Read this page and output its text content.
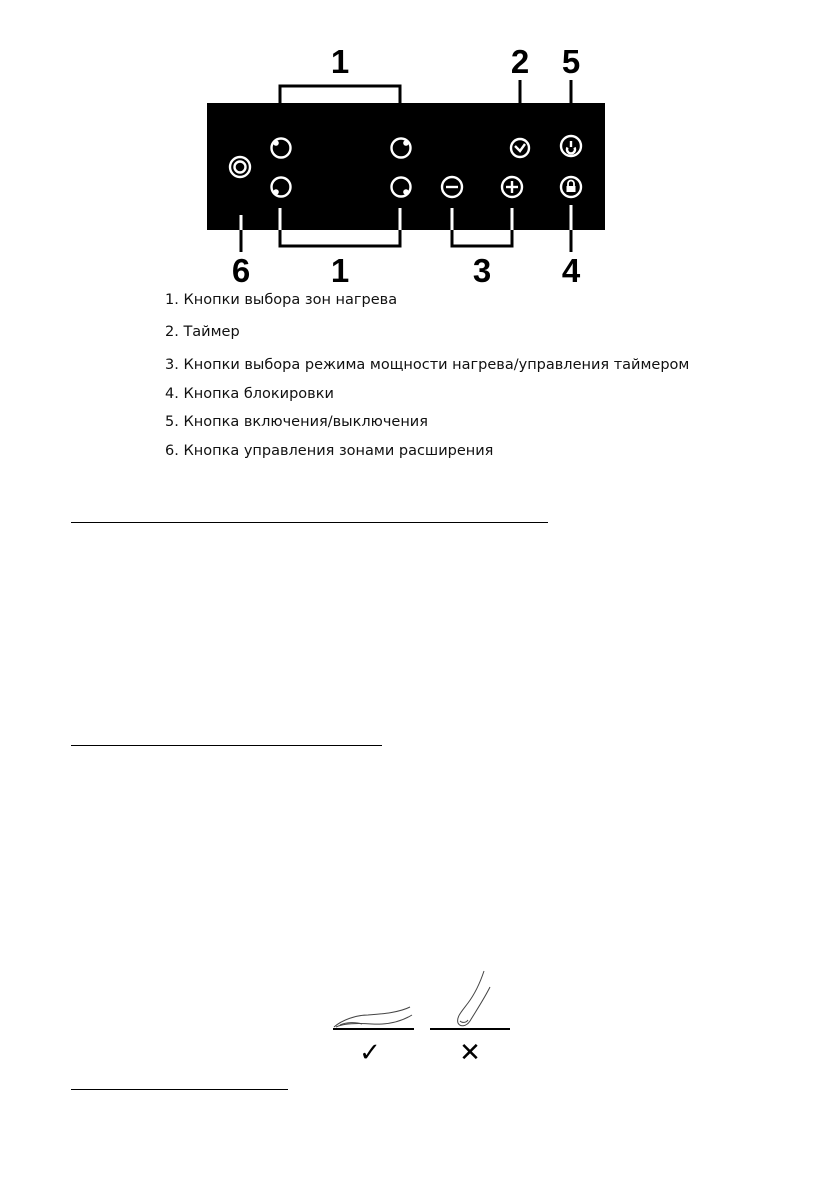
1	2 5
6 1	3 4
1. Кнопки выбора зон нагрева
2. Таймер
3. Кнопки выбора режима мощности нагрева/управления таймером
4. Кнопка блокировки
5. Кнопка включения/выключения
6. Кнопка управления зонами расширения
✓	✕
